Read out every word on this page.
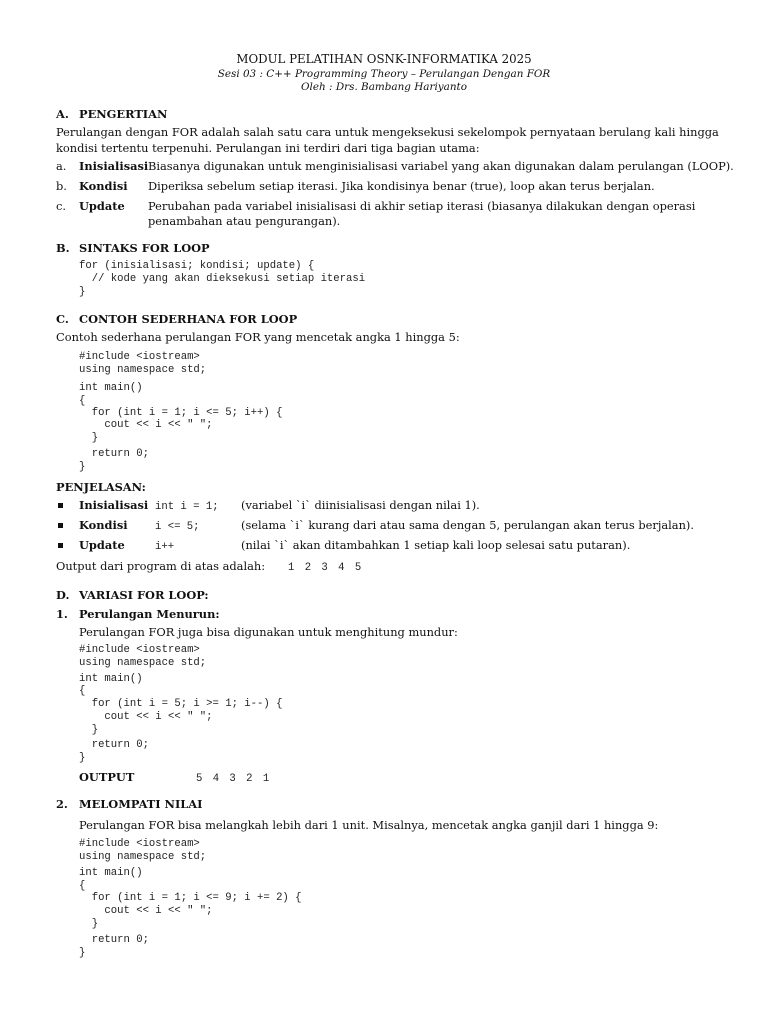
MODUL PELATIHAN OSNK-INFORMATIKA 2025
Sesi 03 : C++ Programming Theory – Perulangan Dengan FOR
Oleh : Drs. Bambang Hariyanto
A. PENGERTIAN
Perulangan dengan FOR adalah salah satu cara untuk mengeksekusi sekelompok pernyataan berulang kali hingga
kondisi tertentu terpenuhi. Perulangan ini terdiri dari tiga bagian utama:
a. Inisialisasi Biasanya digunakan untuk menginisialisasi variabel yang akan digunakan dalam perulangan (LOOP).
b. Kondisi Diperiksa sebelum setiap iterasi. Jika kondisinya benar (true), loop akan terus berjalan.
c. Update Perubahan pada variabel inisialisasi di akhir setiap iterasi (biasanya dilakukan dengan operasi
penambahan atau pengurangan).
B. SINTAKS FOR LOOP
for (inisialisasi; kondisi; update) {
// kode yang akan dieksekusi setiap iterasi
}
C. CONTOH SEDERHANA FOR LOOP
Contoh sederhana perulangan FOR yang mencetak angka 1 hingga 5:
#include <iostream>
using namespace std;
int main()
{
for (int i = 1; i <= 5; i++) {
cout << i << " ";
}
return 0;
}
PENJELASAN:
Inisialisasi int i = 1; (variabel `i` diinisialisasi dengan nilai 1).
Kondisi	i <= 5;	(selama `i` kurang dari atau sama dengan 5, perulangan akan terus berjalan).
Update	i++	(nilai `i` akan ditambahkan 1 setiap kali loop selesai satu putaran).
Output dari program di atas adalah: 1 2 3 4 5
D. VARIASI FOR LOOP:
1. Perulangan Menurun:
Perulangan FOR juga bisa digunakan untuk menghitung mundur:
#include <iostream>
using namespace std;
int main()
{
for (int i = 5; i >= 1; i--) {
cout << i << " ";
}
return 0;
}
OUTPUT	5 4 3 2 1
2. MELOMPATI NILAI
Perulangan FOR bisa melangkah lebih dari 1 unit. Misalnya, mencetak angka ganjil dari 1 hingga 9:
#include <iostream>
using namespace std;
int main()
{
for (int i = 1; i <= 9; i += 2) {
cout << i << " ";
}
return 0;
}
